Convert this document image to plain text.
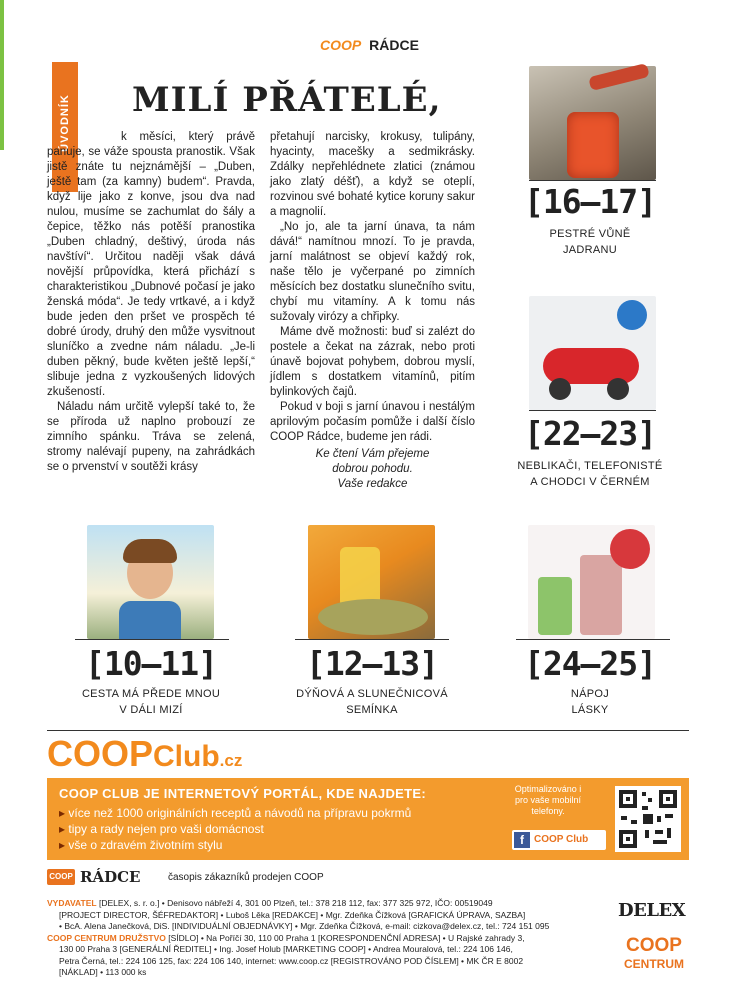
COOP RÁDCE
ÚVODNÍK MILÍ PŘÁTELÉ,

k měsíci, který právě panuje, se váže spousta pranostik. Však jistě znáte tu nejznámější – „Duben, ještě tam (za kamny) budem“. Pravda, když lije jako z konve, jsou dva nad nulou, musíme se zachumlat do šály a čepice, těžko nás potěší pranostika „Duben chladný, deštivý, úroda nás navštíví“. Určitou naději však dává novější průpovídka, která přichází s charakteristikou „Dubnové počasí je jako ženská móda“. Je tedy vrtkavé, a i když bude jeden den pršet ve prospěch té dobré úrody, druhý den může vysvitnout sluníčko a zvedne nám náladu. „Je-li duben pěkný, bude květen ještě lepší,“ slibuje jedna z vyzkoušených lidových zkušeností.

Náladu nám určitě vylepší také to, že se příroda už naplno probouzí ze zimního spánku. Tráva se zelená, stromy nalévají pupeny, na zahrádkách se o prvenství v soutěži krásy

přetahují narcisky, krokusy, tulipány, hyacinty, macešky a sedmikrásky. Zdálky nepřehlédnete zlatici (známou jako zlatý déšť), a když se oteplí, rozvinou své bohaté kytice koruny sakur a magnolií.

„No jo, ale ta jarní únava, ta nám dává!“ namítnou mnozí. To je pravda, jarní malátnost se objeví každý rok, naše tělo je vyčerpané po zimních měsících bez dostatku slunečního svitu, chybí mu vitamíny. A k tomu nás sužovaly virózy a chřipky.

Máme dvě možnosti: buď si zalézt do postele a čekat na zázrak, nebo proti únavě bojovat pohybem, dobrou myslí, jídlem s dostatkem vitamínů, pitím bylinkových čajů.

Pokud v boji s jarní únavou i nestálým aprilovým počasím pomůže i další číslo COOP Rádce, budeme jen rádi.

Ke čtení Vám přejeme
dobrou pohodu.
Vaše redakce
[16–17]
PESTRÉ VŮNĚ
JADRANU
[22–23]
NEBLIKAČI, TELEFONISTÉ
A CHODCI V ČERNÉM
[10–11]
CESTA MÁ PŘEDE MNOU
V DÁLI MIZÍ
[12–13]
DÝŇOVÁ A SLUNEČNICOVÁ
SEMÍNKA
[24–25]
NÁPOJ
LÁSKY
COOPClub.cz
COOP CLUB JE INTERNETOVÝ PORTÁL, KDE NAJDETE:
▸ více než 1000 originálních receptů a návodů na přípravu pokrmů
▸ tipy a rady nejen pro vaši domácnost
▸ vše o zdravém životním stylu
Optimalizováno i pro vaše mobilní telefony.
f	COOP Club
COOP RÁDCE	časopis zákazníků prodejen COOP
VYDAVATEL [DELEX, s. r. o.] • Denisovo nábřeží 4, 301 00 Plzeň, tel.: 378 218 112, fax: 377 325 972, IČO: 00519049
[PROJECT DIRECTOR, ŠÉFREDAKTOR] • Luboš Lěka [REDAKCE] • Mgr. Zdeňka Čížková [GRAFICKÁ ÚPRAVA, SAZBA]
• BcA. Alena Janečková, DiS. [INDIVIDUÁLNÍ OBJEDNÁVKY] • Mgr. Zdeňka Čížková, e-mail: cizkova@delex.cz, tel.: 724 151 095
COOP CENTRUM DRUŽSTVO [SÍDLO] • Na Poříčí 30, 110 00 Praha 1 [KORESPONDENČNÍ ADRESA] • U Rajské zahrady 3,
130 00 Praha 3 [GENERÁLNÍ ŘEDITEL] • Ing. Josef Holub [MARKETING COOP] • Andrea Mouralová, tel.: 224 106 146,
Petra Černá, tel.: 224 106 125, fax: 224 106 140, internet: www.coop.cz [REGISTROVÁNO POD ČÍSLEM] • MK ČR E 8002
[NÁKLAD] • 113 000 ks
DELEX
COOP
CENTRUM
